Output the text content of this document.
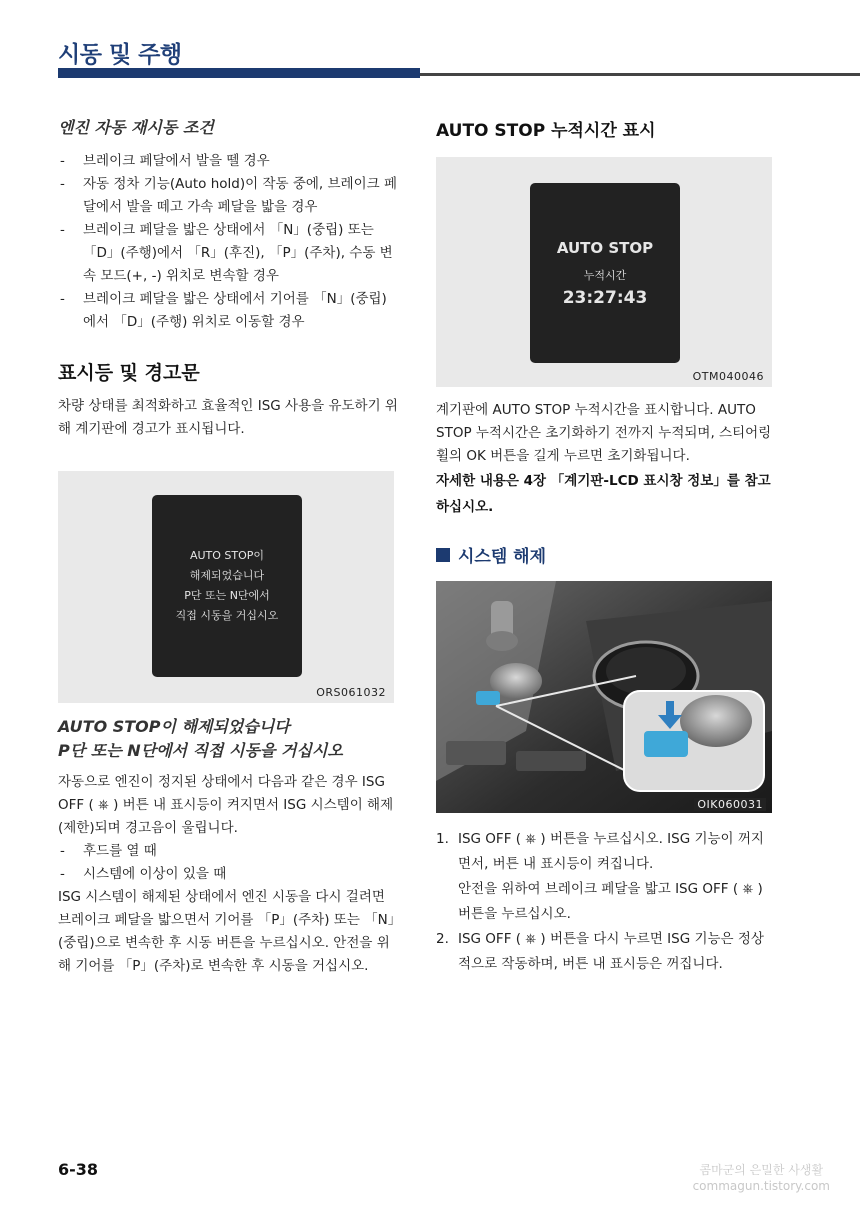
시동 및 주행

엔진 자동 재시동 조건

- 브레이크 페달에서 발을 뗄 경우
- 자동 정차 기능(Auto hold)이 작동 중에, 브레이크 페달에서 발을 떼고 가속 페달을 밟을 경우
- 브레이크 페달을 밟은 상태에서 「N」(중립) 또는 「D」(주행)에서 「R」(후진), 「P」(주차), 수동 변속 모드(+, -) 위치로 변속할 경우
- 브레이크 페달을 밟은 상태에서 기어를 「N」(중립)에서 「D」(주행) 위치로 이동할 경우

표시등 및 경고문

차량 상태를 최적화하고 효율적인 ISG 사용을 유도하기 위해 계기판에 경고가 표시됩니다.

AUTO STOP이
해제되었습니다
P단 또는 N단에서
직접 시동을 거십시오
ORS061032

AUTO STOP이 해제되었습니다
P단 또는 N단에서 직접 시동을 거십시오

자동으로 엔진이 정지된 상태에서 다음과 같은 경우 ISG OFF ( ⎈ ) 버튼 내 표시등이 켜지면서 ISG 시스템이 해제(제한)되며 경고음이 울립니다.

- 후드를 열 때
- 시스템에 이상이 있을 때

ISG 시스템이 해제된 상태에서 엔진 시동을 다시 걸려면 브레이크 페달을 밟으면서 기어를 「P」(주차) 또는 「N」(중립)으로 변속한 후 시동 버튼을 누르십시오. 안전을 위해 기어를 「P」(주차)로 변속한 후 시동을 거십시오.

AUTO STOP 누적시간 표시

AUTO STOP
누적시간
23:27:43
OTM040046

계기판에 AUTO STOP 누적시간을 표시합니다. AUTO STOP 누적시간은 초기화하기 전까지 누적되며, 스티어링 휠의 OK 버튼을 길게 누르면 초기화됩니다.

자세한 내용은 4장 「계기판-LCD 표시창 정보」를 참고하십시오.

시스템 해제
OIK060031
1. ISG OFF ( ⎈ ) 버튼을 누르십시오. ISG 기능이 꺼지면서, 버튼 내 표시등이 켜집니다.
안전을 위하여 브레이크 페달을 밟고 ISG OFF ( ⎈ ) 버튼을 누르십시오.
2. ISG OFF ( ⎈ ) 버튼을 다시 누르면 ISG 기능은 정상적으로 작동하며, 버튼 내 표시등은 꺼집니다.
6-38	콤마군의 은밀한 사생활
commagun.tistory.com
